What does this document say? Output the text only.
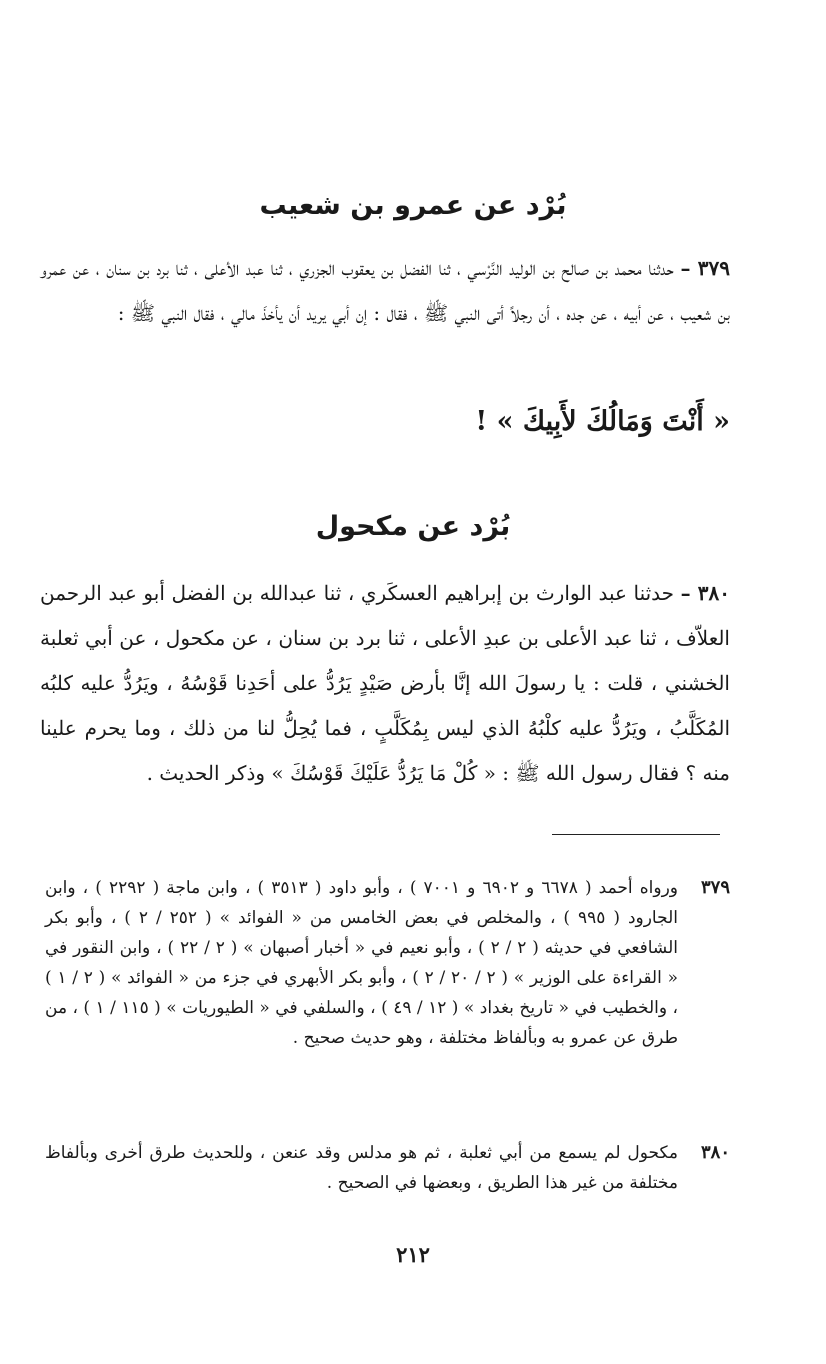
بُرْد عن عمرو بن شعيب

٣٧٩ – حدثنا محمد بن صالح بن الوليد النَّرْسي ، ثنا الفضل بن يعقوب الجزري ، ثنا عبد الأعلى ، ثنا برد بن سنان ، عن عمرو بن شعيب ، عن أبيه ، عن جده ، أن رجلاً أتى النبي ﷺ ، فقال : إن أبي يريد أن يأخذَ مالي ، فقال النبي ﷺ :

« أَنْتَ وَمَالُكَ لأَبِيكَ » !

بُرْد عن مكحول

٣٨٠ – حدثنا عبد الوارث بن إبراهيم العسكَري ، ثنا عبدالله بن الفضل أبو عبد الرحمن العلاّف ، ثنا عبد الأعلى بن عبدِ الأعلى ، ثنا برد بن سنان ، عن مكحول ، عن أبي ثعلبة الخشني ، قلت : يا رسولَ الله إنَّا بأرض صَيْدٍ يَرُدُّ على أحَدِنا قَوْسُهُ ، ويَرُدُّ عليه كلبُه المُكَلَّبُ ، ويَرُدُّ عليه كلْبُهُ الذي ليس بِمُكَلَّبٍ ، فما يُحِلُّ لنا من ذلك ، وما يحرم علينا منه ؟ فقال رسول الله ﷺ : « كُلْ مَا يَرُدُّ عَلَيْكَ قَوْسُكَ » وذكر الحديث .

٣٧٩
ورواه أحمد ( ٦٦٧٨ و ٦٩٠٢ و ٧٠٠١ ) ، وأبو داود ( ٣٥١٣ ) ، وابن ماجة ( ٢٢٩٢ ) ، وابن الجارود ( ٩٩٥ ) ، والمخلص في بعض الخامس من « الفوائد » ( ٢٥٢ / ٢ ) ، وأبو بكر الشافعي في حديثه ( ٢ / ٢ ) ، وأبو نعيم في « أخبار أصبهان » ( ٢ / ٢٢ ) ، وابن النقور في « القراءة على الوزير » ( ٢ / ٢٠ / ٢ ) ، وأبو بكر الأبهري في جزء من « الفوائد » ( ٢ / ١ ) ، والخطيب في « تاريخ بغداد » ( ١٢ / ٤٩ ) ، والسلفي في « الطيوريات » ( ١١٥ / ١ ) ، من طرق عن عمرو به وبألفاظ مختلفة ، وهو حديث صحيح .
٣٨٠
مكحول لم يسمع من أبي ثعلبة ، ثم هو مدلس وقد عنعن ، وللحديث طرق أخرى وبألفاظ مختلفة من غير هذا الطريق ، وبعضها في الصحيح .

٢١٢
